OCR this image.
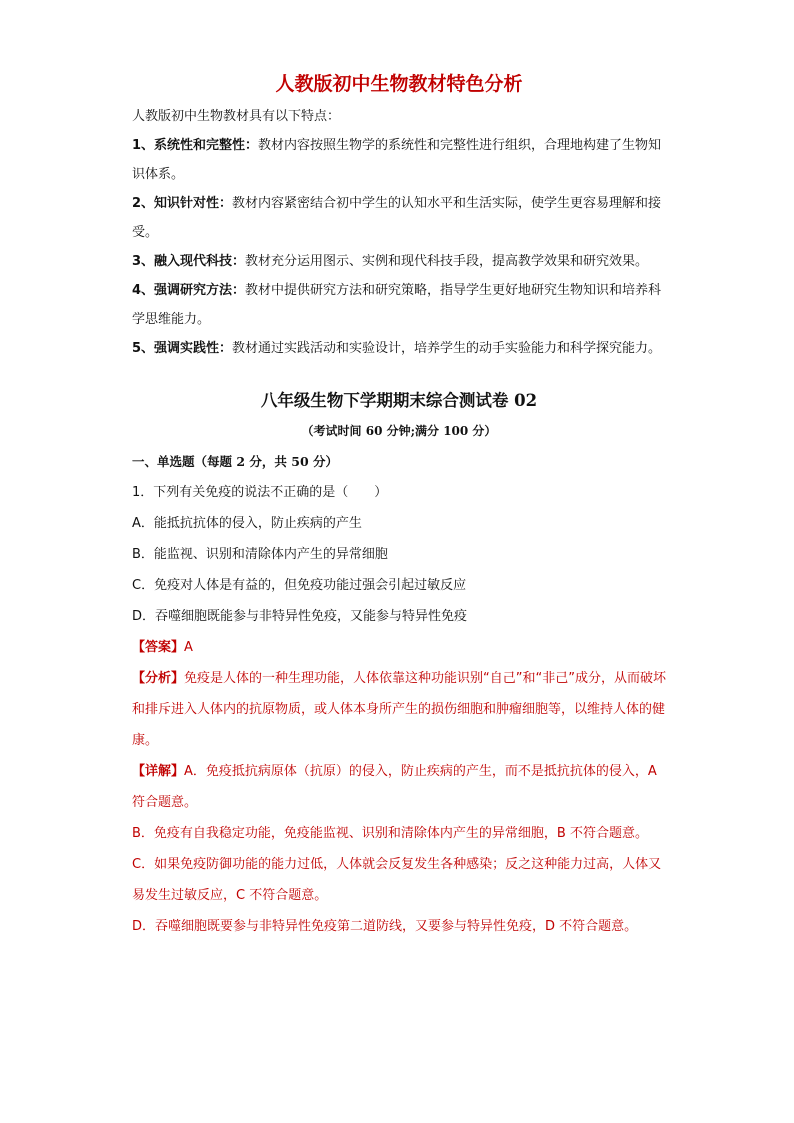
人教版初中生物教材特色分析

人教版初中生物教材具有以下特点：

1、系统性和完整性：教材内容按照生物学的系统性和完整性进行组织，合理地构建了生物知识体系。

2、知识针对性：教材内容紧密结合初中学生的认知水平和生活实际，使学生更容易理解和接受。

3、融入现代科技：教材充分运用图示、实例和现代科技手段，提高教学效果和研究效果。

4、强调研究方法：教材中提供研究方法和研究策略，指导学生更好地研究生物知识和培养科学思维能力。

5、强调实践性：教材通过实践活动和实验设计，培养学生的动手实验能力和科学探究能力。

八年级生物下学期期末综合测试卷 02
（考试时间 60 分钟;满分 100 分）
一、单选题（每题 2 分，共 50 分）
1．下列有关免疫的说法不正确的是（　　）
A．能抵抗抗体的侵入，防止疾病的产生
B．能监视、识别和清除体内产生的异常细胞
C．免疫对人体是有益的，但免疫功能过强会引起过敏反应
D．吞噬细胞既能参与非特异性免疫，又能参与特异性免疫
【答案】A
【分析】免疫是人体的一种生理功能，人体依靠这种功能识别“自己”和“非己”成分，从而破坏和排斥进入人体内的抗原物质，或人体本身所产生的损伤细胞和肿瘤细胞等，以维持人体的健康。
【详解】A．免疫抵抗病原体（抗原）的侵入，防止疾病的产生，而不是抵抗抗体的侵入，A 符合题意。
B．免疫有自我稳定功能，免疫能监视、识别和清除体内产生的异常细胞，B 不符合题意。
C．如果免疫防御功能的能力过低，人体就会反复发生各种感染；反之这种能力过高，人体又易发生过敏反应，C 不符合题意。
D．吞噬细胞既要参与非特异性免疫第二道防线，又要参与特异性免疫，D 不符合题意。
